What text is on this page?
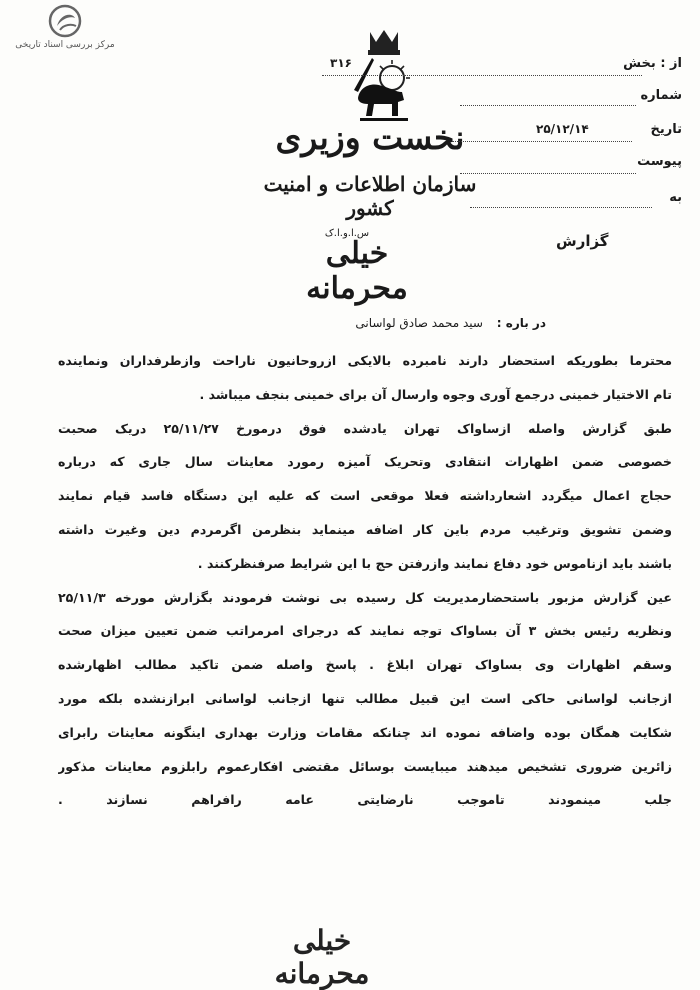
مرکز بررسی اسناد تاریخی
نخست وزیری
سازمان اطلاعات و امنیت کشور
س.ا.و.ا.ک
خیلی محرمانه
از : بخش
۳۱۶
شماره
تاریخ
۲۵/۱۲/۱۴
پیوست
به
گزارش
در باره : سید محمد صادق لواسانی
محترما بطوریکه استحضار دارند نامبرده بالایکی ازروحانیون ناراحت وازطرفداران ونماینده
تام الاختیار خمینی درجمع آوری وجوه وارسال آن برای خمینی بنجف میباشد .
طبق گزارش واصله ازساواک تهران یادشده فوق درمورخ ۲۵/۱۱/۲۷ دریک صحبت
خصوصی ضمن اظهارات انتقادی وتحریک آمیزه رمورد معاینات سال جاری که درباره
حجاج اعمال میگردد اشعارداشته فعلا موقعی است که علیه این دستگاه فاسد قیام نمایند
وضمن تشویق وترغیب مردم باین کار اضافه مینماید بنظرمن اگرمردم دین وغیرت داشته
باشند باید ازناموس خود دفاع نمایند وازرفتن حج با این شرایط صرفنظرکنند .
عین گزارش مزبور باستحضارمدیریت کل رسیده بی نوشت فرمودند بگزارش مورخه ۲۵/۱۱/۳
ونظریه رئیس بخش ۳ آن بساواک توجه نمایند که درجرای امرمراتب ضمن تعیین میزان صحت
وسقم اظهارات وی بساواک تهران ابلاغ . پاسخ واصله ضمن تاکید مطالب اظهارشده
ازجانب لواسانی حاکی است این قبیل مطالب تنها ازجانب لواسانی ابرازنشده بلکه مورد
شکایت همگان بوده واضافه نموده اند چنانکه مقامات وزارت بهداری اینگونه معاینات رابرای
زائرین ضروری تشخیص میدهند میبایست بوسائل مقتضی افکارعموم رابلزوم معاینات مذکور
جلب مینمودند تاموجب نارضایتی عامه رافراهم نسازند .
خیلی محرمانه
